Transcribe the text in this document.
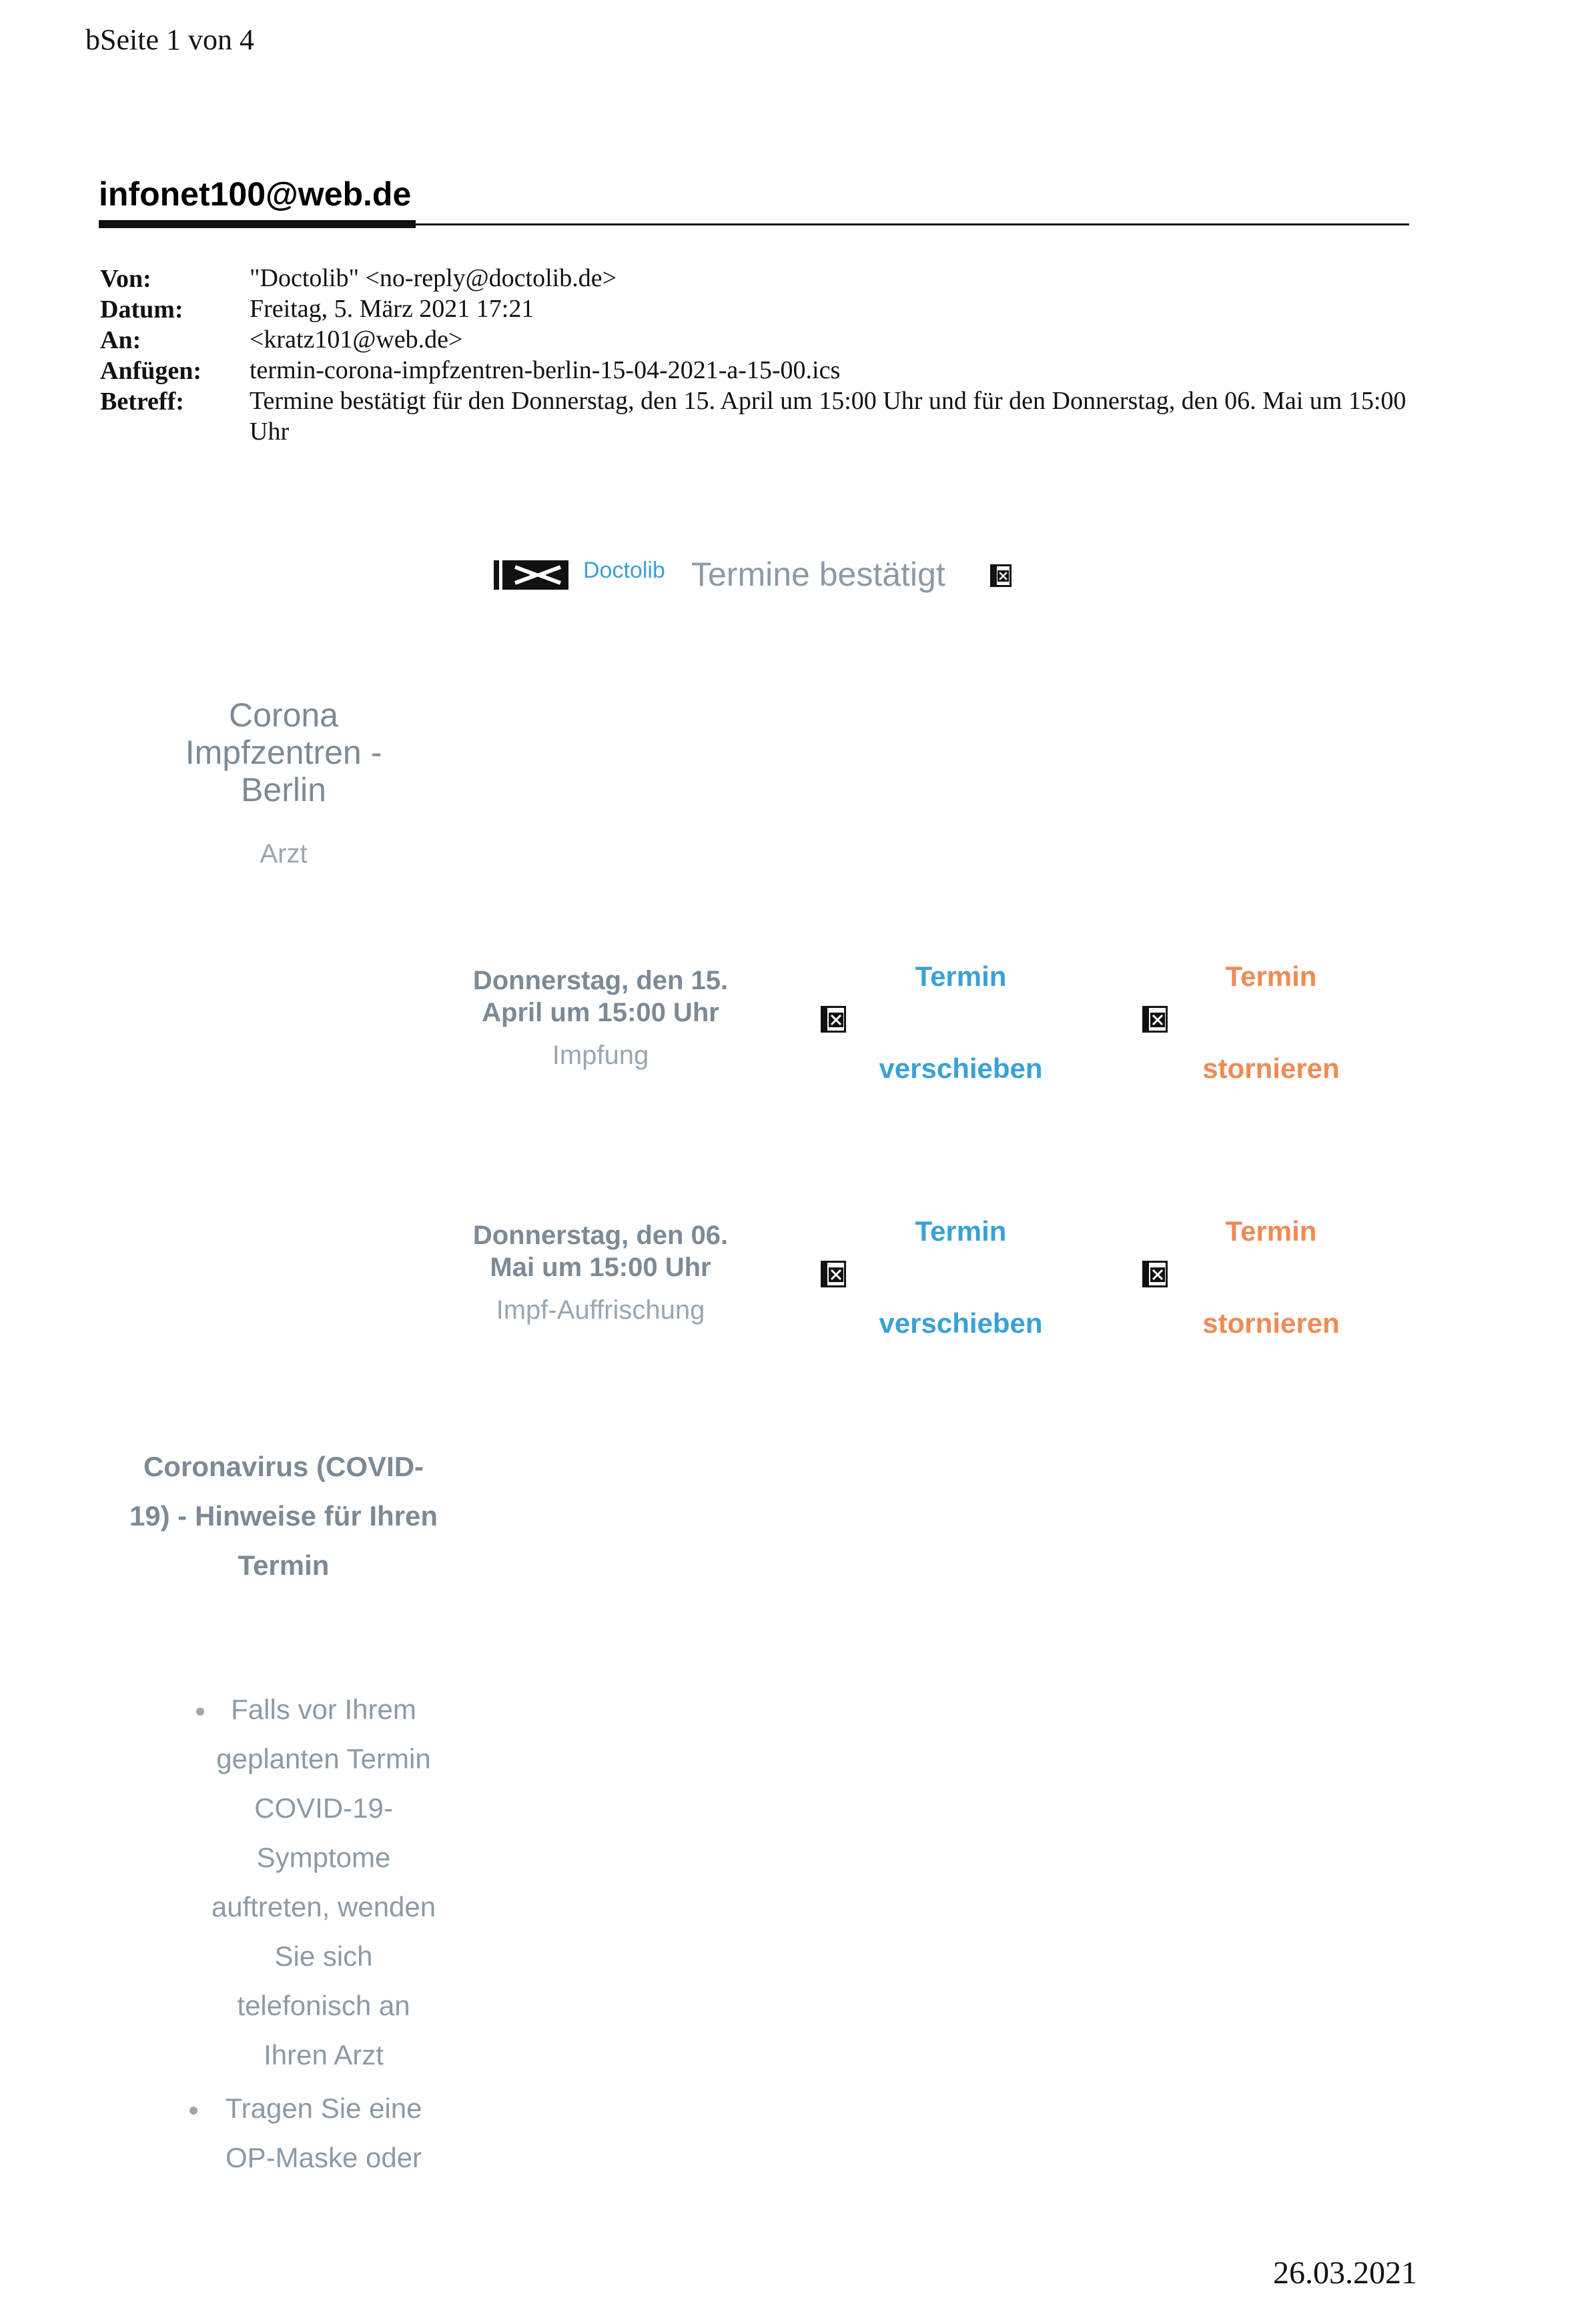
bSeite 1 von 4
infonet100@web.de
Von:	"Doctolib" <no-reply@doctolib.de>
Datum:	Freitag, 5. März 2021 17:21
An:	<kratz101@web.de>
Anfügen: termin-corona-impfzentren-berlin-15-04-2021-a-15-00.ics
Betreff:	Termine bestätigt für den Donnerstag, den 15. April um 15:00 Uhr und für den Donnerstag, den 06. Mai um 15:00 Uhr
Doctolib Termine bestätigt
Corona Impfzentren - Berlin
Arzt
Donnerstag, den 15. April um 15:00 Uhr
Impfung
Termin
verschieben
Termin
stornieren
Donnerstag, den 06. Mai um 15:00 Uhr
Impf-Auffrischung
Termin
verschieben
Termin
stornieren
Coronavirus (COVID-19) - Hinweise für Ihren Termin
Falls vor Ihrem geplanten Termin COVID-19-Symptome auftreten, wenden Sie sich telefonisch an Ihren Arzt
Tragen Sie eine OP-Maske oder
26.03.2021
